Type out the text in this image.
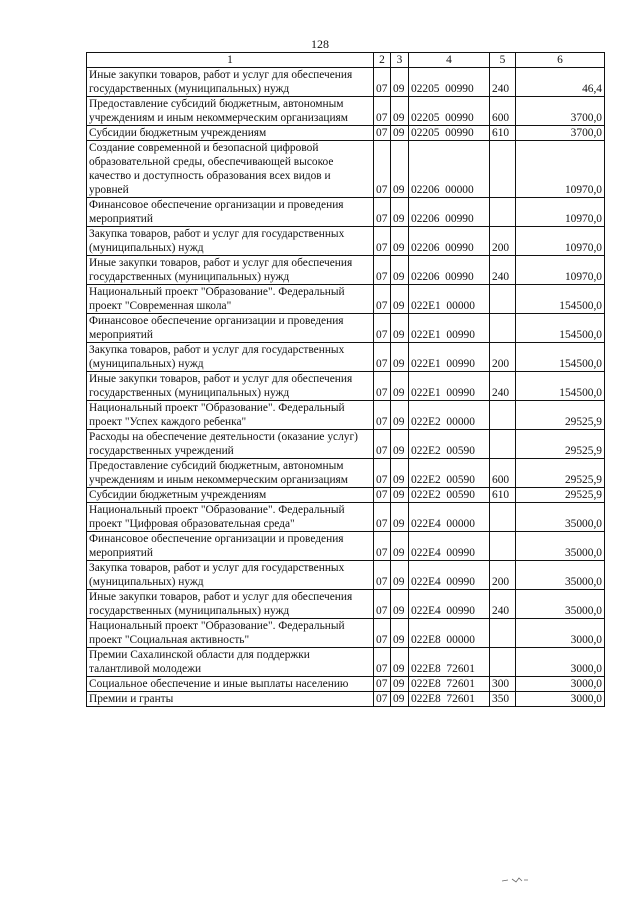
128
1	2	3	4	5	6
Иные закупки товаров, работ и услуг для обеспечения государственных (муниципальных) нужд	07	09	02205  00990	240	46,4
Предоставление субсидий бюджетным, автономным учреждениям и иным некоммерческим организациям	07	09	02205  00990	600	3700,0
Субсидии бюджетным учреждениям	07	09	02205  00990	610	3700,0
Создание современной и безопасной цифровой образовательной среды, обеспечивающей высокое качество и доступность образования всех видов и уровней	07	09	02206  00000		10970,0
Финансовое обеспечение организации и проведения мероприятий	07	09	02206  00990		10970,0
Закупка товаров, работ и услуг для государственных (муниципальных) нужд	07	09	02206  00990	200	10970,0
Иные закупки товаров, работ и услуг для обеспечения государственных (муниципальных) нужд	07	09	02206  00990	240	10970,0
Национальный проект "Образование". Федеральный проект "Современная школа"	07	09	022E1  00000		154500,0
Финансовое обеспечение организации и проведения мероприятий	07	09	022E1  00990		154500,0
Закупка товаров, работ и услуг для государственных (муниципальных) нужд	07	09	022E1  00990	200	154500,0
Иные закупки товаров, работ и услуг для обеспечения государственных (муниципальных) нужд	07	09	022E1  00990	240	154500,0
Национальный проект "Образование". Федеральный проект "Успех каждого ребенка"	07	09	022E2  00000		29525,9
Расходы на обеспечение деятельности (оказание услуг) государственных учреждений	07	09	022E2  00590		29525,9
Предоставление субсидий бюджетным, автономным учреждениям и иным некоммерческим организациям	07	09	022E2  00590	600	29525,9
Субсидии бюджетным учреждениям	07	09	022E2  00590	610	29525,9
Национальный проект "Образование". Федеральный проект "Цифровая образовательная среда"	07	09	022E4  00000		35000,0
Финансовое обеспечение организации и проведения мероприятий	07	09	022E4  00990		35000,0
Закупка товаров, работ и услуг для государственных (муниципальных) нужд	07	09	022E4  00990	200	35000,0
Иные закупки товаров, работ и услуг для обеспечения государственных (муниципальных) нужд	07	09	022E4  00990	240	35000,0
Национальный проект "Образование". Федеральный проект "Социальная активность"	07	09	022E8  00000		3000,0
Премии Сахалинской области для поддержки талантливой молодежи	07	09	022E8  72601		3000,0
Социальное обеспечение и иные выплаты населению	07	09	022E8  72601	300	3000,0
Премии и гранты	07	09	022E8  72601	350	3000,0
